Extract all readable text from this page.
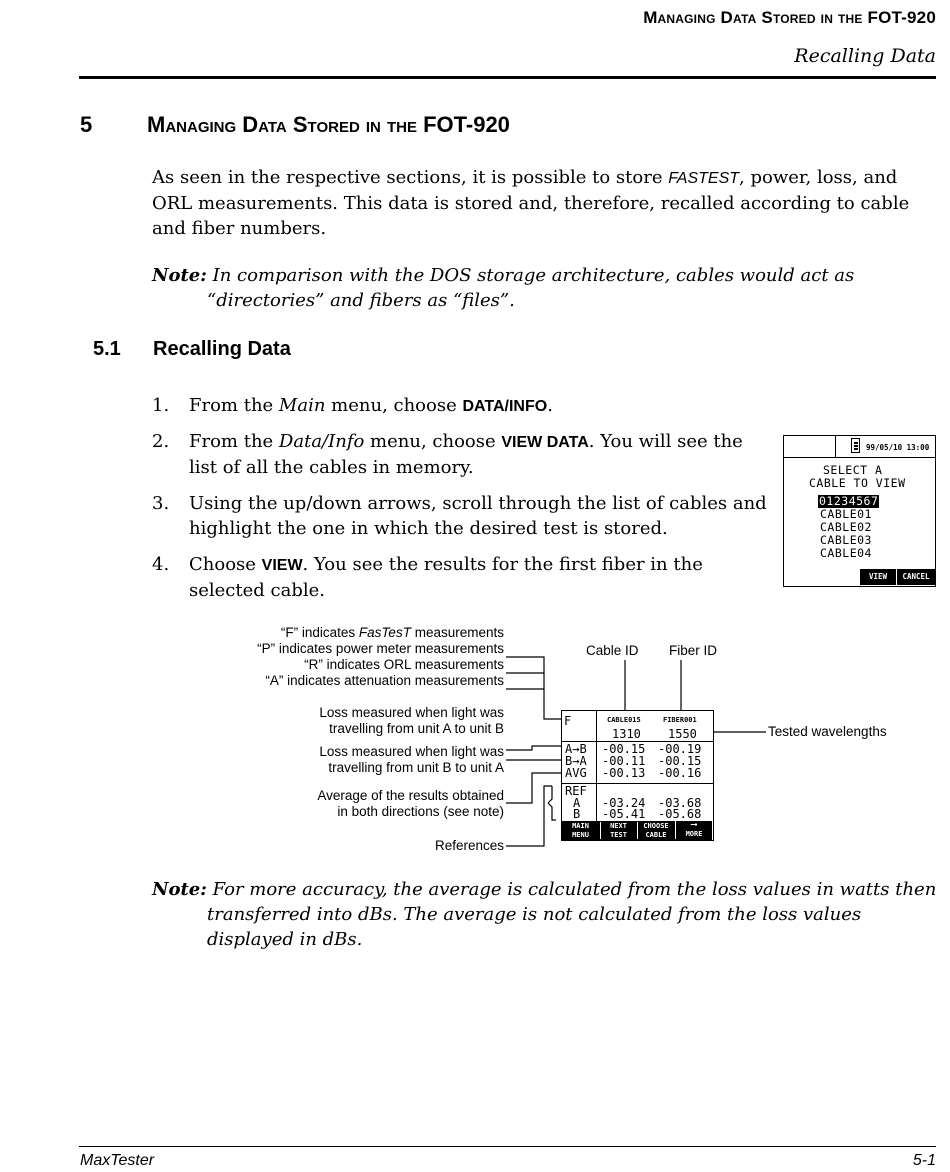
Managing Data Stored in the FOT-920
Recalling Data
5 Managing Data Stored in the FOT-920
As seen in the respective sections, it is possible to store FASTEST, power, loss, and ORL measurements. This data is stored and, therefore, recalled according to cable and fiber numbers.
Note: In comparison with the DOS storage architecture, cables would act as
“directories” and fibers as “files”.
5.1 Recalling Data
1. From the Main menu, choose DATA/INFO.
2. From the Data/Info menu, choose VIEW DATA. You will see the
list of all the cables in memory.
3. Using the up/down arrows, scroll through the list of cables and
highlight the one in which the desired test is stored.
4. Choose VIEW. You see the results for the first fiber in the
selected cable.
99/05/10 13:00
SELECT A
CABLE TO VIEW
01234567
CABLE01
CABLE02
CABLE03
CABLE04
VIEW	CANCEL
“F” indicates FasTesT measurements
“P” indicates power meter measurements
“R” indicates ORL measurements
“A” indicates attenuation measurements
Loss measured when light was
travelling from unit A to unit B
Loss measured when light was
travelling from unit B to unit A
Average of the results obtained
in both directions (see note)
References
Cable ID Fiber ID
Tested wavelengths
F	CABLE015	FIBER001
1310 1550
A→B -00.15 -00.19
B→A -00.11 -00.15
AVG -00.13 -00.16
REF
A -03.24 -03.68
B -05.41 -05.68
MAIN
MENU
NEXT
TEST
CHOOSE
CABLE
⟶
MORE
Note: For more accuracy, the average is calculated from the loss values in watts then
transferred into dBs. The average is not calculated from the loss values
displayed in dBs.
MaxTester	5-1
